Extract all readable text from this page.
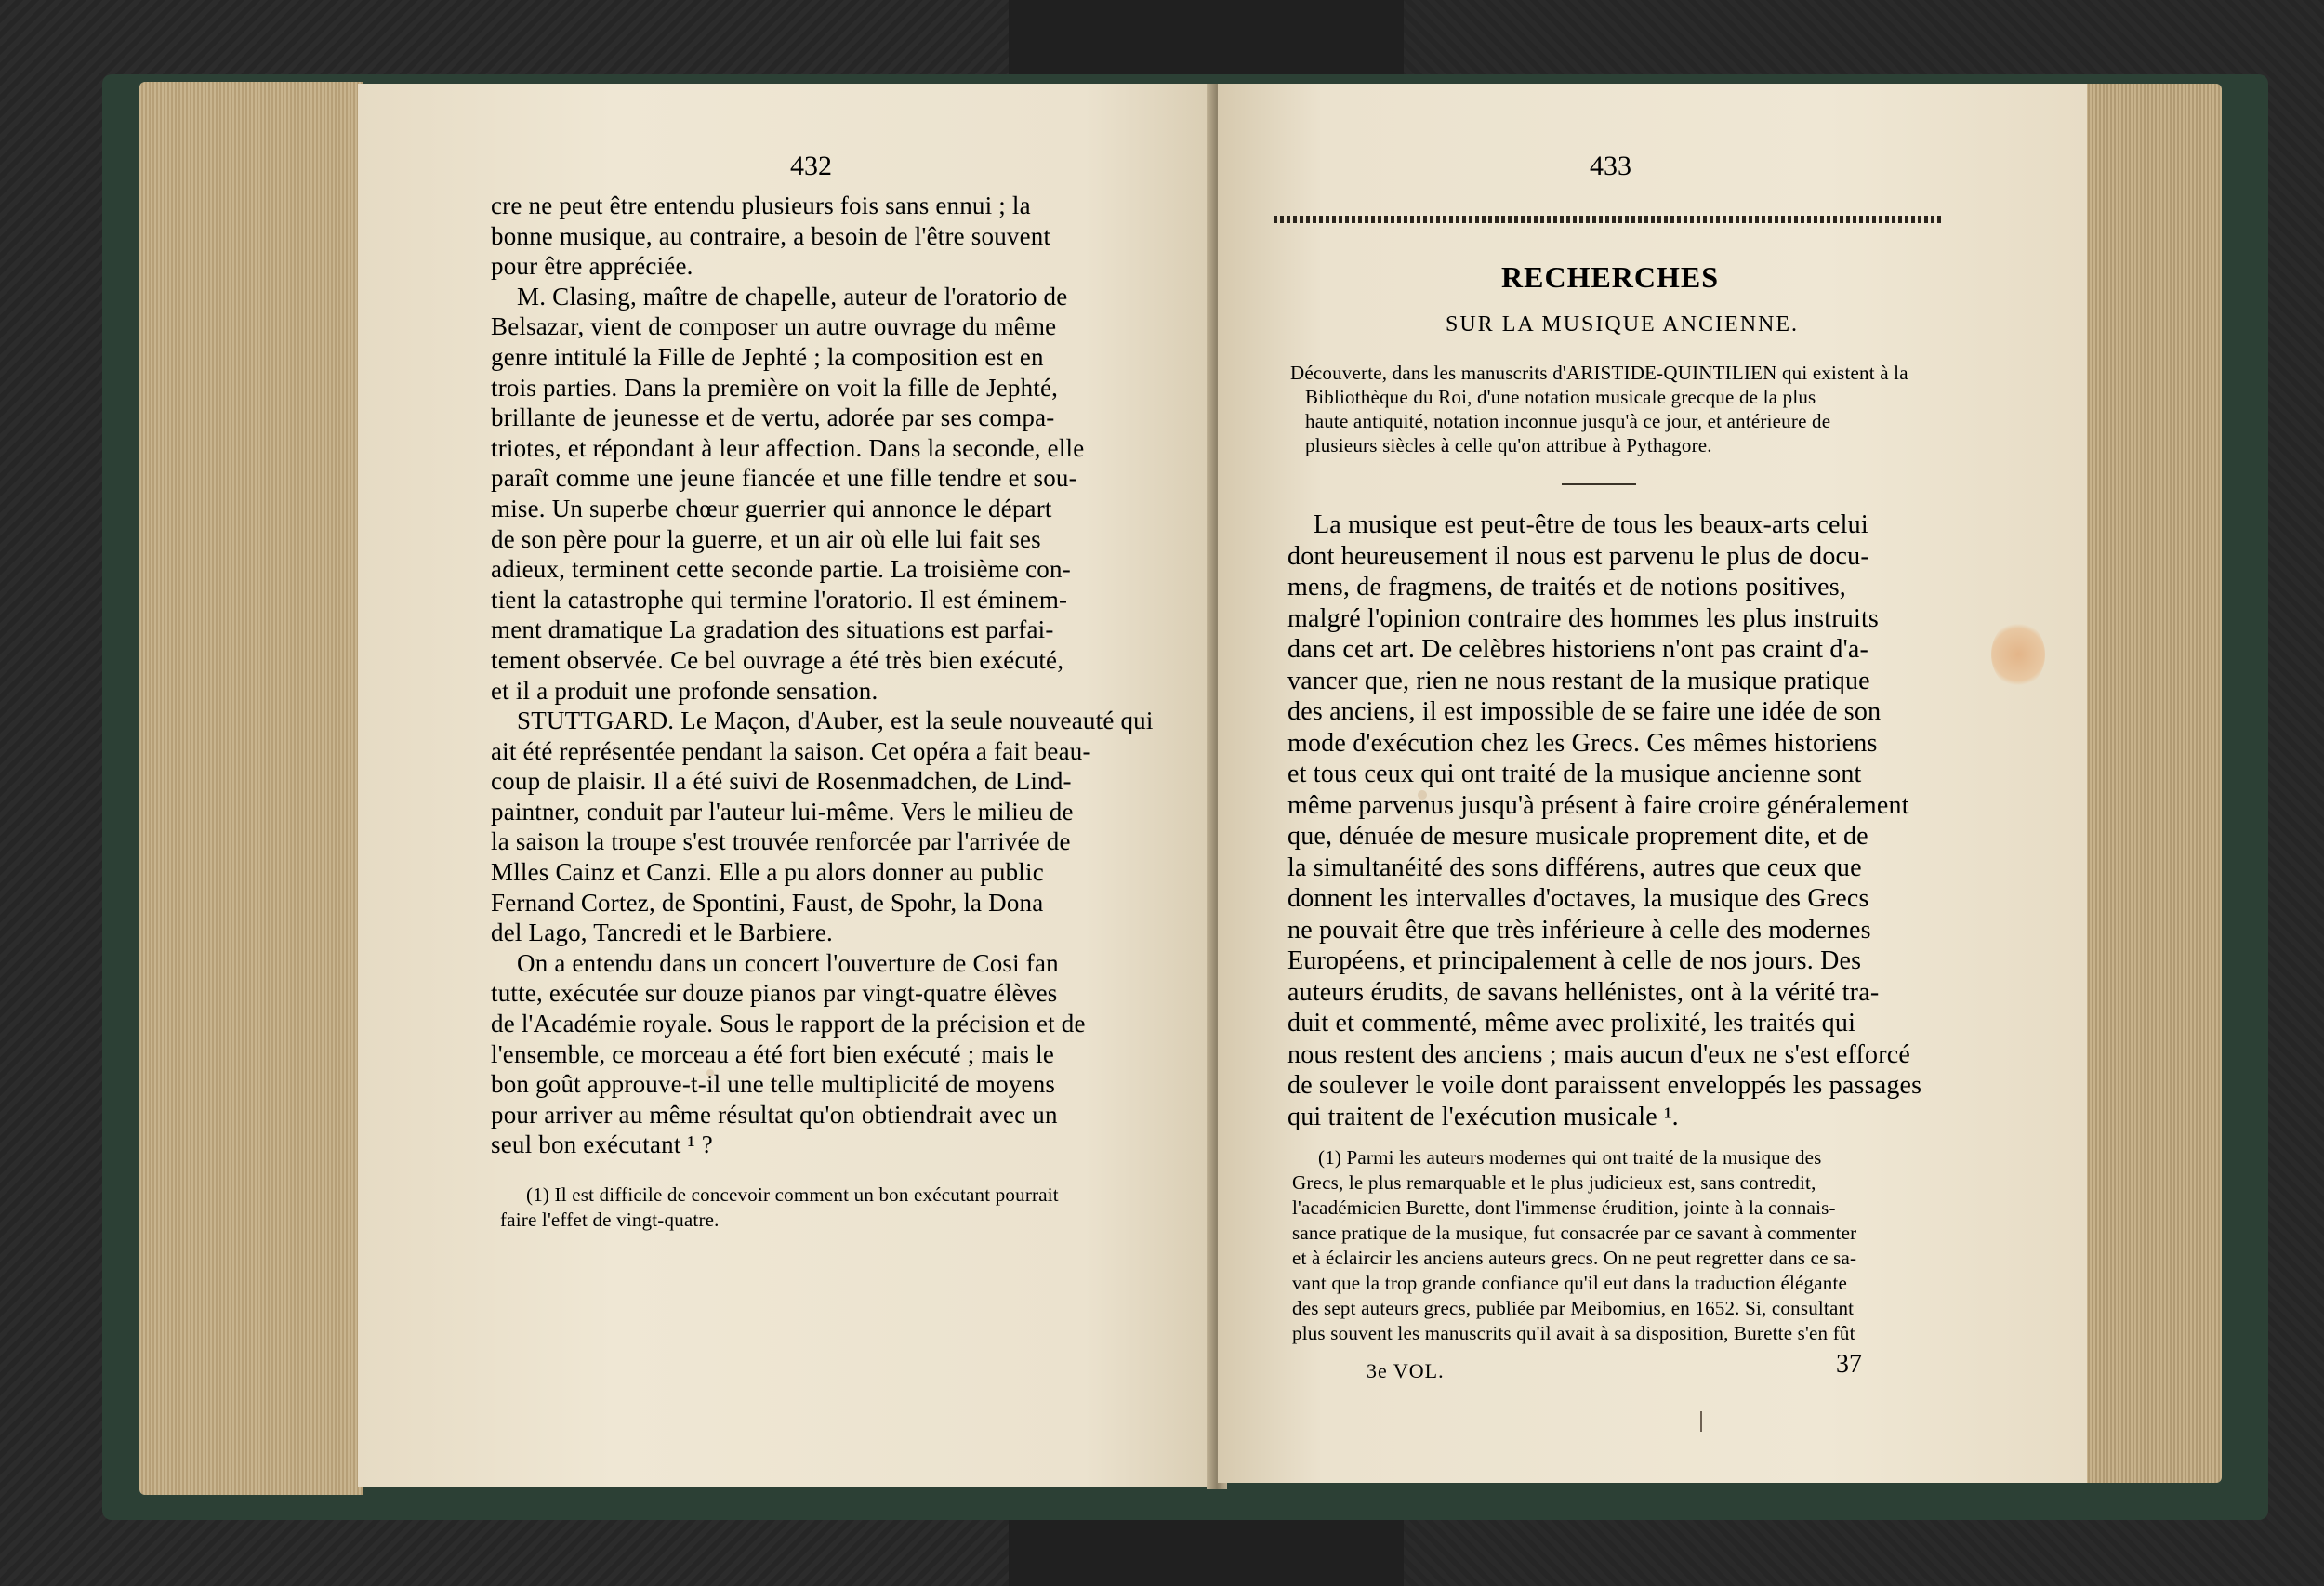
432
cre ne peut être entendu plusieurs fois sans ennui ; la
bonne musique, au contraire, a besoin de l'être souvent
pour être appréciée.
M. Clasing, maître de chapelle, auteur de l'oratorio de
Belsazar, vient de composer un autre ouvrage du même
genre intitulé la Fille de Jephté ; la composition est en
trois parties. Dans la première on voit la fille de Jephté,
brillante de jeunesse et de vertu, adorée par ses compa-
triotes, et répondant à leur affection. Dans la seconde, elle
paraît comme une jeune fiancée et une fille tendre et sou-
mise. Un superbe chœur guerrier qui annonce le départ
de son père pour la guerre, et un air où elle lui fait ses
adieux, terminent cette seconde partie. La troisième con-
tient la catastrophe qui termine l'oratorio. Il est éminem-
ment dramatique La gradation des situations est parfai-
tement observée. Ce bel ouvrage a été très bien exécuté,
et il a produit une profonde sensation.
STUTTGARD. Le Maçon, d'Auber, est la seule nouveauté qui
ait été représentée pendant la saison. Cet opéra a fait beau-
coup de plaisir. Il a été suivi de Rosenmadchen, de Lind-
paintner, conduit par l'auteur lui-même. Vers le milieu de
la saison la troupe s'est trouvée renforcée par l'arrivée de
Mlles Cainz et Canzi. Elle a pu alors donner au public
Fernand Cortez, de Spontini, Faust, de Spohr, la Dona
del Lago, Tancredi et le Barbiere.
On a entendu dans un concert l'ouverture de Cosi fan
tutte, exécutée sur douze pianos par vingt-quatre élèves
de l'Académie royale. Sous le rapport de la précision et de
l'ensemble, ce morceau a été fort bien exécuté ; mais le
bon goût approuve-t-il une telle multiplicité de moyens
pour arriver au même résultat qu'on obtiendrait avec un
seul bon exécutant ¹ ?
(1) Il est difficile de concevoir comment un bon exécutant pourrait
faire l'effet de vingt-quatre.
433
RECHERCHES
SUR LA MUSIQUE ANCIENNE.
Découverte, dans les manuscrits d'ARISTIDE-QUINTILIEN qui existent à la
Bibliothèque du Roi, d'une notation musicale grecque de la plus
haute antiquité, notation inconnue jusqu'à ce jour, et antérieure de
plusieurs siècles à celle qu'on attribue à Pythagore.
La musique est peut-être de tous les beaux-arts celui
dont heureusement il nous est parvenu le plus de docu-
mens, de fragmens, de traités et de notions positives,
malgré l'opinion contraire des hommes les plus instruits
dans cet art. De celèbres historiens n'ont pas craint d'a-
vancer que, rien ne nous restant de la musique pratique
des anciens, il est impossible de se faire une idée de son
mode d'exécution chez les Grecs. Ces mêmes historiens
et tous ceux qui ont traité de la musique ancienne sont
même parvenus jusqu'à présent à faire croire généralement
que, dénuée de mesure musicale proprement dite, et de
la simultanéité des sons différens, autres que ceux que
donnent les intervalles d'octaves, la musique des Grecs
ne pouvait être que très inférieure à celle des modernes
Européens, et principalement à celle de nos jours. Des
auteurs érudits, de savans hellénistes, ont à la vérité tra-
duit et commenté, même avec prolixité, les traités qui
nous restent des anciens ; mais aucun d'eux ne s'est efforcé
de soulever le voile dont paraissent enveloppés les passages
qui traitent de l'exécution musicale ¹.
(1) Parmi les auteurs modernes qui ont traité de la musique des
Grecs, le plus remarquable et le plus judicieux est, sans contredit,
l'académicien Burette, dont l'immense érudition, jointe à la connais-
sance pratique de la musique, fut consacrée par ce savant à commenter
et à éclaircir les anciens auteurs grecs. On ne peut regretter dans ce sa-
vant que la trop grande confiance qu'il eut dans la traduction élégante
des sept auteurs grecs, publiée par Meibomius, en 1652. Si, consultant
plus souvent les manuscrits qu'il avait à sa disposition, Burette s'en fût
3e VOL.	37
